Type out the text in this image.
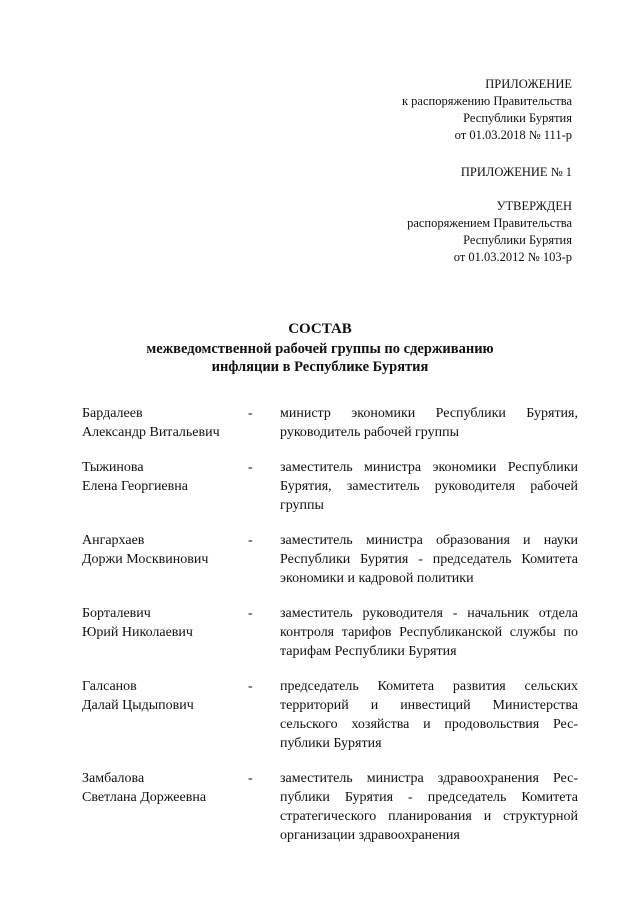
ПРИЛОЖЕНИЕ
к распоряжению Правительства
Республики Бурятия
от 01.03.2018 № 111-р
ПРИЛОЖЕНИЕ № 1
УТВЕРЖДЕН
распоряжением Правительства
Республики Бурятия
от 01.03.2012 № 103-р
СОСТАВ
межведомственной рабочей группы по сдерживанию
инфляции в Республике Бурятия
Бардалеев
Александр Витальевич
-	министр экономики Республики Бурятия, руководитель рабочей группы
Тыжинова
Елена Георгиевна
-	заместитель министра экономики Республики Бурятия, заместитель руководителя рабочей группы
Ангархаев
Доржи Москвинович
-	заместитель министра образования и науки Республики Бурятия - председатель Комитета экономики и кадровой политики
Борталевич
Юрий Николаевич
-	заместитель руководителя - начальник отдела контроля тарифов Республиканской службы по тарифам Республики Бурятия
Галсанов
Далай Цыдыпович
-	председатель Комитета развития сельских территорий и инвестиций Министерства сельского хозяйства и продовольствия Республики Бурятия
Замбалова
Светлана Доржеевна
-	заместитель министра здравоохранения Республики Бурятия - председатель Комитета стратегического планирования и структурной организации здравоохранения
